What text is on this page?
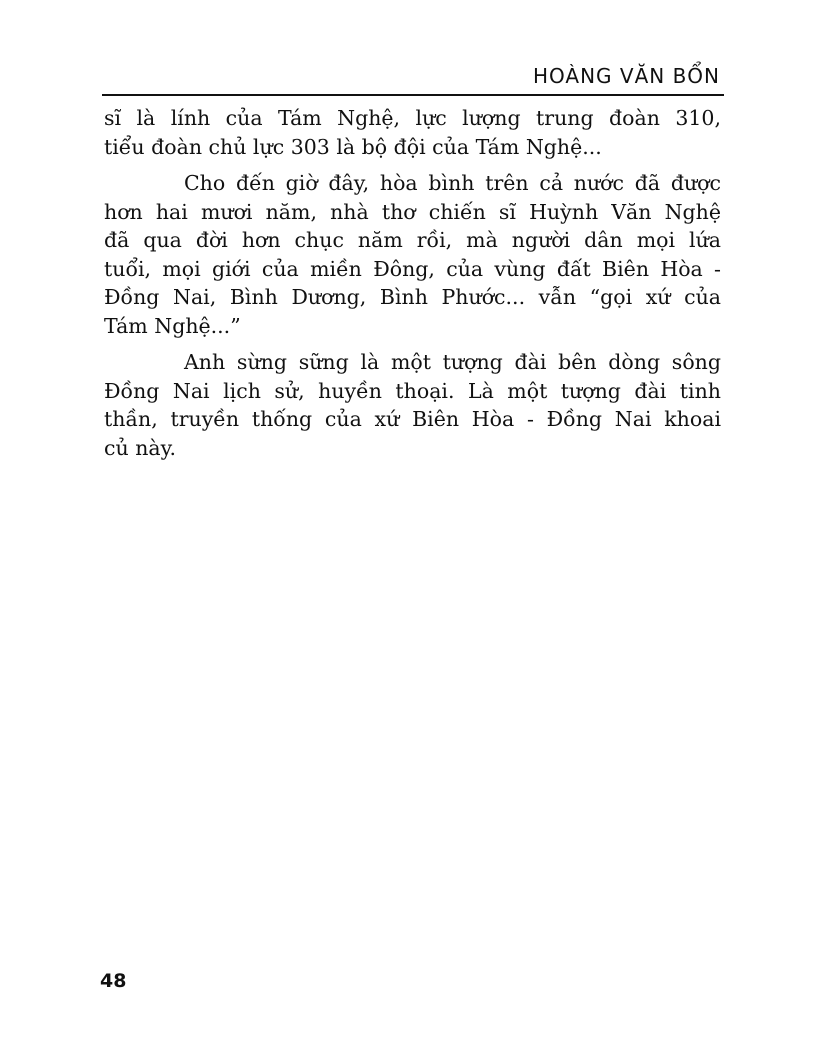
HOÀNG VĂN BỔN

sĩ là lính của Tám Nghệ, lực lượng trung đoàn 310,
tiểu đoàn chủ lực 303 là bộ đội của Tám Nghệ...

Cho đến giờ đây, hòa bình trên cả nước đã được
hơn hai mươi năm, nhà thơ chiến sĩ Huỳnh Văn Nghệ
đã qua đời hơn chục năm rồi, mà người dân mọi lứa
tuổi, mọi giới của miền Đông, của vùng đất Biên Hòa -
Đồng Nai, Bình Dương, Bình Phước... vẫn “gọi xứ của
Tám Nghệ...”

Anh sừng sững là một tượng đài bên dòng sông
Đồng Nai lịch sử, huyền thoại. Là một tượng đài tinh
thần, truyền thống của xứ Biên Hòa - Đồng Nai khoai
củ này.

48
